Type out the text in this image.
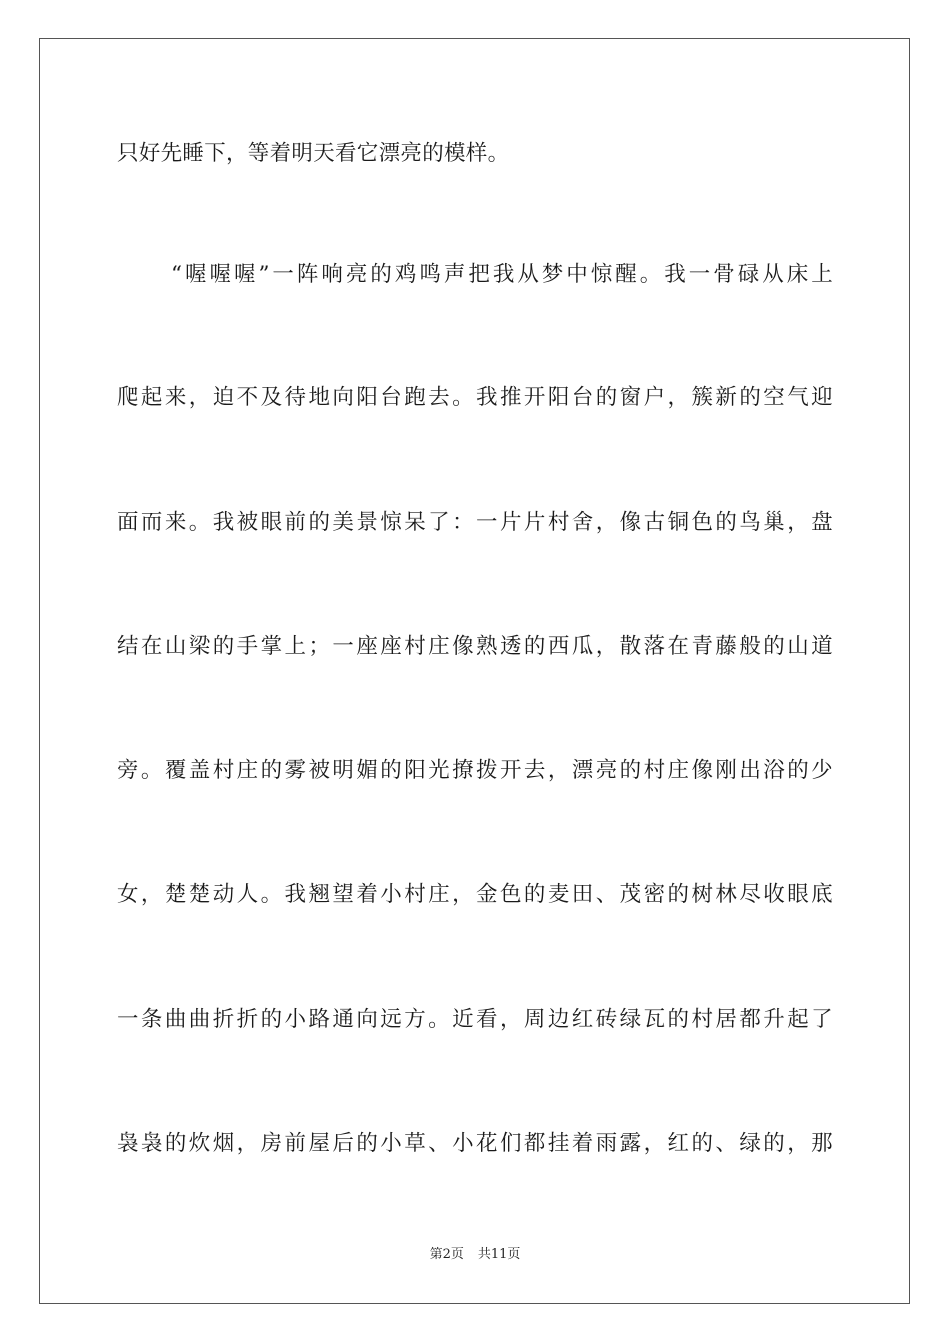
只好先睡下，等着明天看它漂亮的模样。
“喔喔喔”一阵响亮的鸡鸣声把我从梦中惊醒。我一骨碌从床上
爬起来，迫不及待地向阳台跑去。我推开阳台的窗户，簇新的空气迎
面而来。我被眼前的美景惊呆了：一片片村舍，像古铜色的鸟巢，盘
结在山梁的手掌上；一座座村庄像熟透的西瓜，散落在青藤般的山道
旁。覆盖村庄的雾被明媚的阳光撩拨开去，漂亮的村庄像刚出浴的少
女，楚楚动人。我翘望着小村庄，金色的麦田、茂密的树林尽收眼底
一条曲曲折折的小路通向远方。近看，周边红砖绿瓦的村居都升起了
袅袅的炊烟，房前屋后的小草、小花们都挂着雨露，红的、绿的，那
第2页 共11页
